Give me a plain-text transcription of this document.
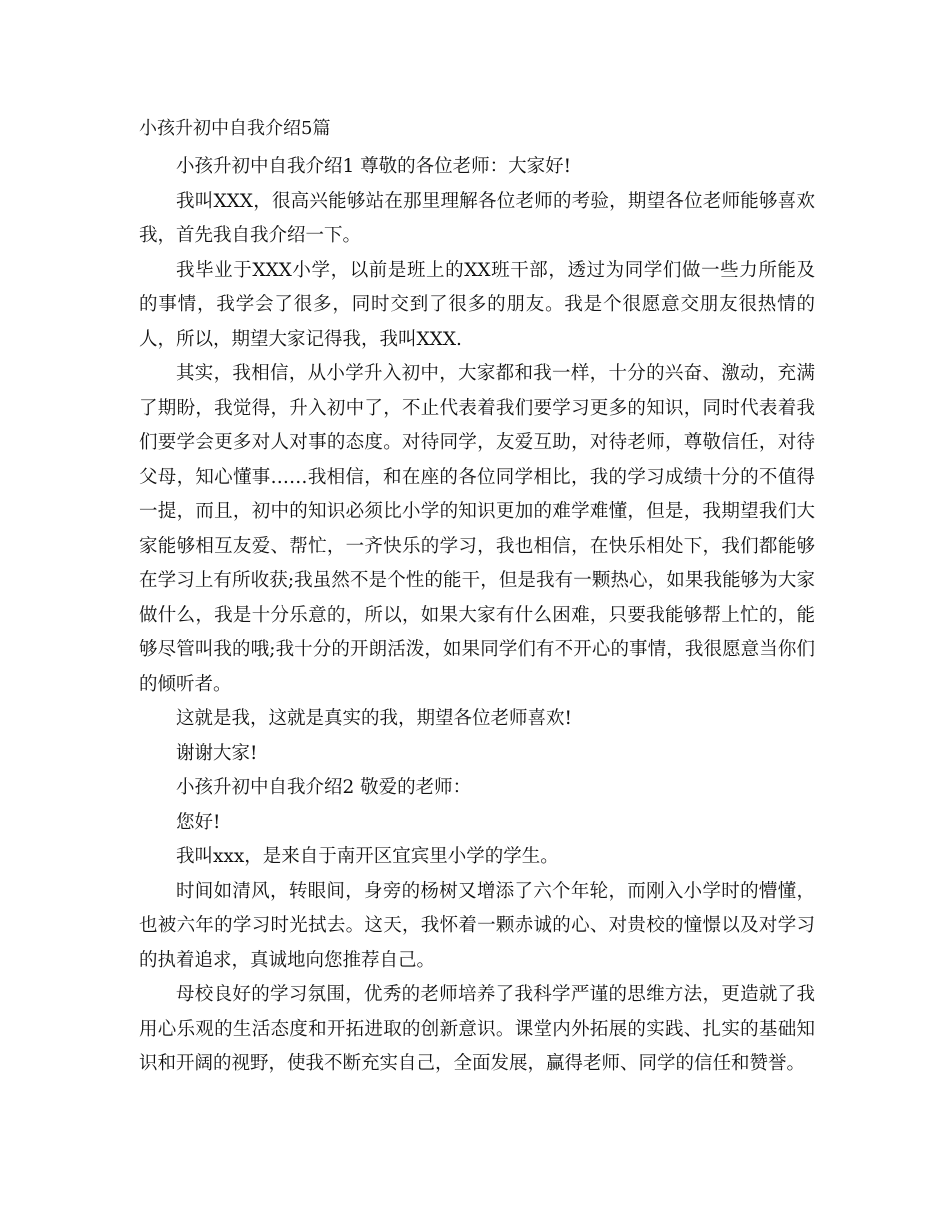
小孩升初中自我介绍5篇

小孩升初中自我介绍1 尊敬的各位老师：大家好!

我叫XXX，很高兴能够站在那里理解各位老师的考验，期望各位老师能够喜欢我，首先我自我介绍一下。

我毕业于XXX小学，以前是班上的XX班干部，透过为同学们做一些力所能及的事情，我学会了很多，同时交到了很多的朋友。我是个很愿意交朋友很热情的人，所以，期望大家记得我，我叫XXX.

其实，我相信，从小学升入初中，大家都和我一样，十分的兴奋、激动，充满了期盼，我觉得，升入初中了，不止代表着我们要学习更多的知识，同时代表着我们要学会更多对人对事的态度。对待同学，友爱互助，对待老师，尊敬信任，对待父母，知心懂事……我相信，和在座的各位同学相比，我的学习成绩十分的不值得一提，而且，初中的知识必须比小学的知识更加的难学难懂，但是，我期望我们大家能够相互友爱、帮忙，一齐快乐的学习，我也相信，在快乐相处下，我们都能够在学习上有所收获;我虽然不是个性的能干，但是我有一颗热心，如果我能够为大家做什么，我是十分乐意的，所以，如果大家有什么困难，只要我能够帮上忙的，能够尽管叫我的哦;我十分的开朗活泼，如果同学们有不开心的事情，我很愿意当你们的倾听者。

这就是我，这就是真实的我，期望各位老师喜欢!

谢谢大家!

小孩升初中自我介绍2 敬爱的老师：

您好!

我叫xxx，是来自于南开区宜宾里小学的学生。

时间如清风，转眼间，身旁的杨树又增添了六个年轮，而刚入小学时的懵懂，也被六年的学习时光拭去。这天，我怀着一颗赤诚的心、对贵校的憧憬以及对学习的执着追求，真诚地向您推荐自己。

母校良好的学习氛围，优秀的老师培养了我科学严谨的思维方法，更造就了我用心乐观的生活态度和开拓进取的创新意识。课堂内外拓展的实践、扎实的基础知识和开阔的视野，使我不断充实自己，全面发展，赢得老师、同学的信任和赞誉。
